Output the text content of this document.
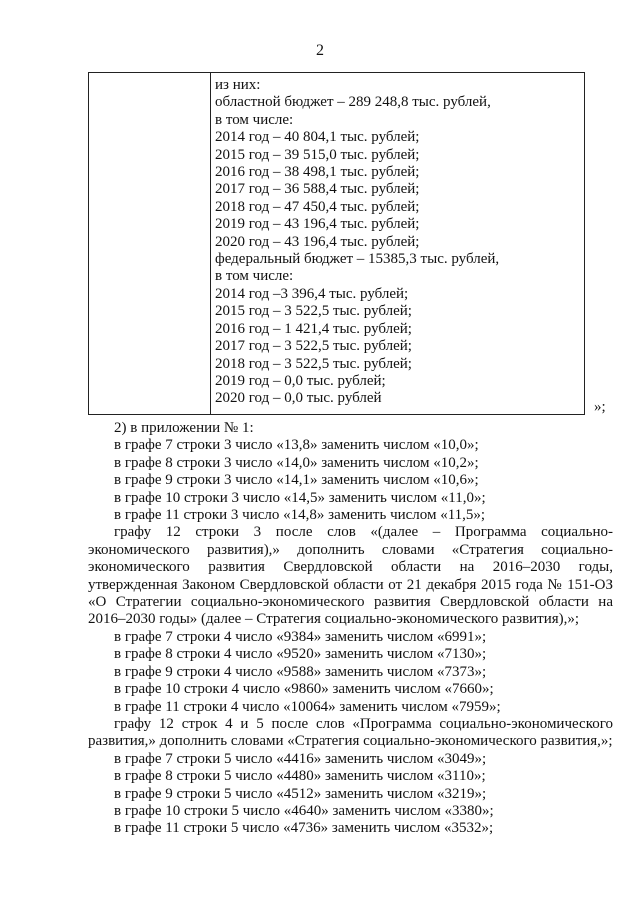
2
из них:
областной бюджет – 289 248,8 тыс. рублей,
в том числе:
2014 год – 40 804,1 тыс. рублей;
2015 год – 39 515,0 тыс. рублей;
2016 год – 38 498,1 тыс. рублей;
2017 год – 36 588,4 тыс. рублей;
2018 год – 47 450,4 тыс. рублей;
2019 год – 43 196,4 тыс. рублей;
2020 год – 43 196,4 тыс. рублей;
федеральный бюджет – 15385,3 тыс. рублей,
в том числе:
2014 год –3 396,4 тыс. рублей;
2015 год – 3 522,5 тыс. рублей;
2016 год – 1 421,4 тыс. рублей;
2017 год – 3 522,5 тыс. рублей;
2018 год – 3 522,5 тыс. рублей;
2019 год – 0,0 тыс. рублей;
2020 год – 0,0 тыс. рублей
»;

2) в приложении № 1:

в графе 7 строки 3 число «13,8» заменить числом «10,0»;

в графе 8 строки 3 число «14,0» заменить числом «10,2»;

в графе 9 строки 3 число «14,1» заменить числом «10,6»;

в графе 10 строки 3 число «14,5» заменить числом «11,0»;

в графе 11 строки 3 число «14,8» заменить числом «11,5»;

графу 12 строки 3 после слов «(далее – Программа социально-экономического развития),» дополнить словами «Стратегия социально-экономического развития Свердловской области на 2016–2030 годы, утвержденная Законом Свердловской области от 21 декабря 2015 года № 151-ОЗ «О Стратегии социально-экономического развития Свердловской области на 2016–2030 годы» (далее – Стратегия социально-экономического развития),»;

в графе 7 строки 4 число «9384» заменить числом «6991»;

в графе 8 строки 4 число «9520» заменить числом «7130»;

в графе 9 строки 4 число «9588» заменить числом «7373»;

в графе 10 строки 4 число «9860» заменить числом «7660»;

в графе 11 строки 4 число «10064» заменить числом «7959»;

графу 12 строк 4 и 5 после слов «Программа социально-экономического развития,» дополнить словами «Стратегия социально-экономического развития,»;

в графе 7 строки 5 число «4416» заменить числом «3049»;

в графе 8 строки 5 число «4480» заменить числом «3110»;

в графе 9 строки 5 число «4512» заменить числом «3219»;

в графе 10 строки 5 число «4640» заменить числом «3380»;

в графе 11 строки 5 число «4736» заменить числом «3532»;
